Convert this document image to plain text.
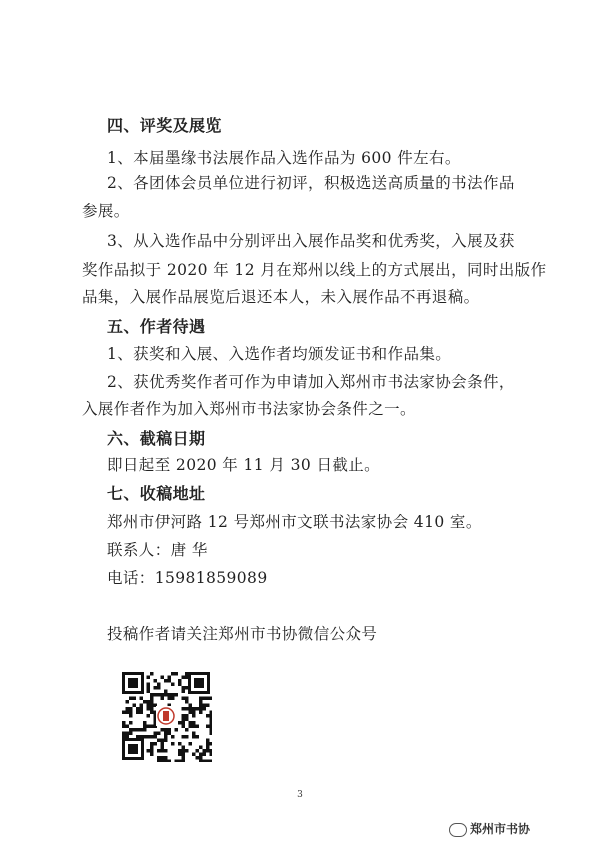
四、评奖及展览
1、本届墨缘书法展作品入选作品为 600 件左右。
2、各团体会员单位进行初评，积极选送高质量的书法作品
参展。
3、从入选作品中分别评出入展作品奖和优秀奖，入展及获
奖作品拟于 2020 年 12 月在郑州以线上的方式展出，同时出版作
品集，入展作品展览后退还本人，未入展作品不再退稿。
五、作者待遇
1、获奖和入展、入选作者均颁发证书和作品集。
2、获优秀奖作者可作为申请加入郑州市书法家协会条件，
入展作者作为加入郑州市书法家协会条件之一。
六、截稿日期
即日起至 2020 年 11 月 30 日截止。
七、收稿地址
郑州市伊河路 12 号郑州市文联书法家协会 410 室。
联系人：唐 华
电话：15981859089
投稿作者请关注郑州市书协微信公众号
3
郑州市书协
